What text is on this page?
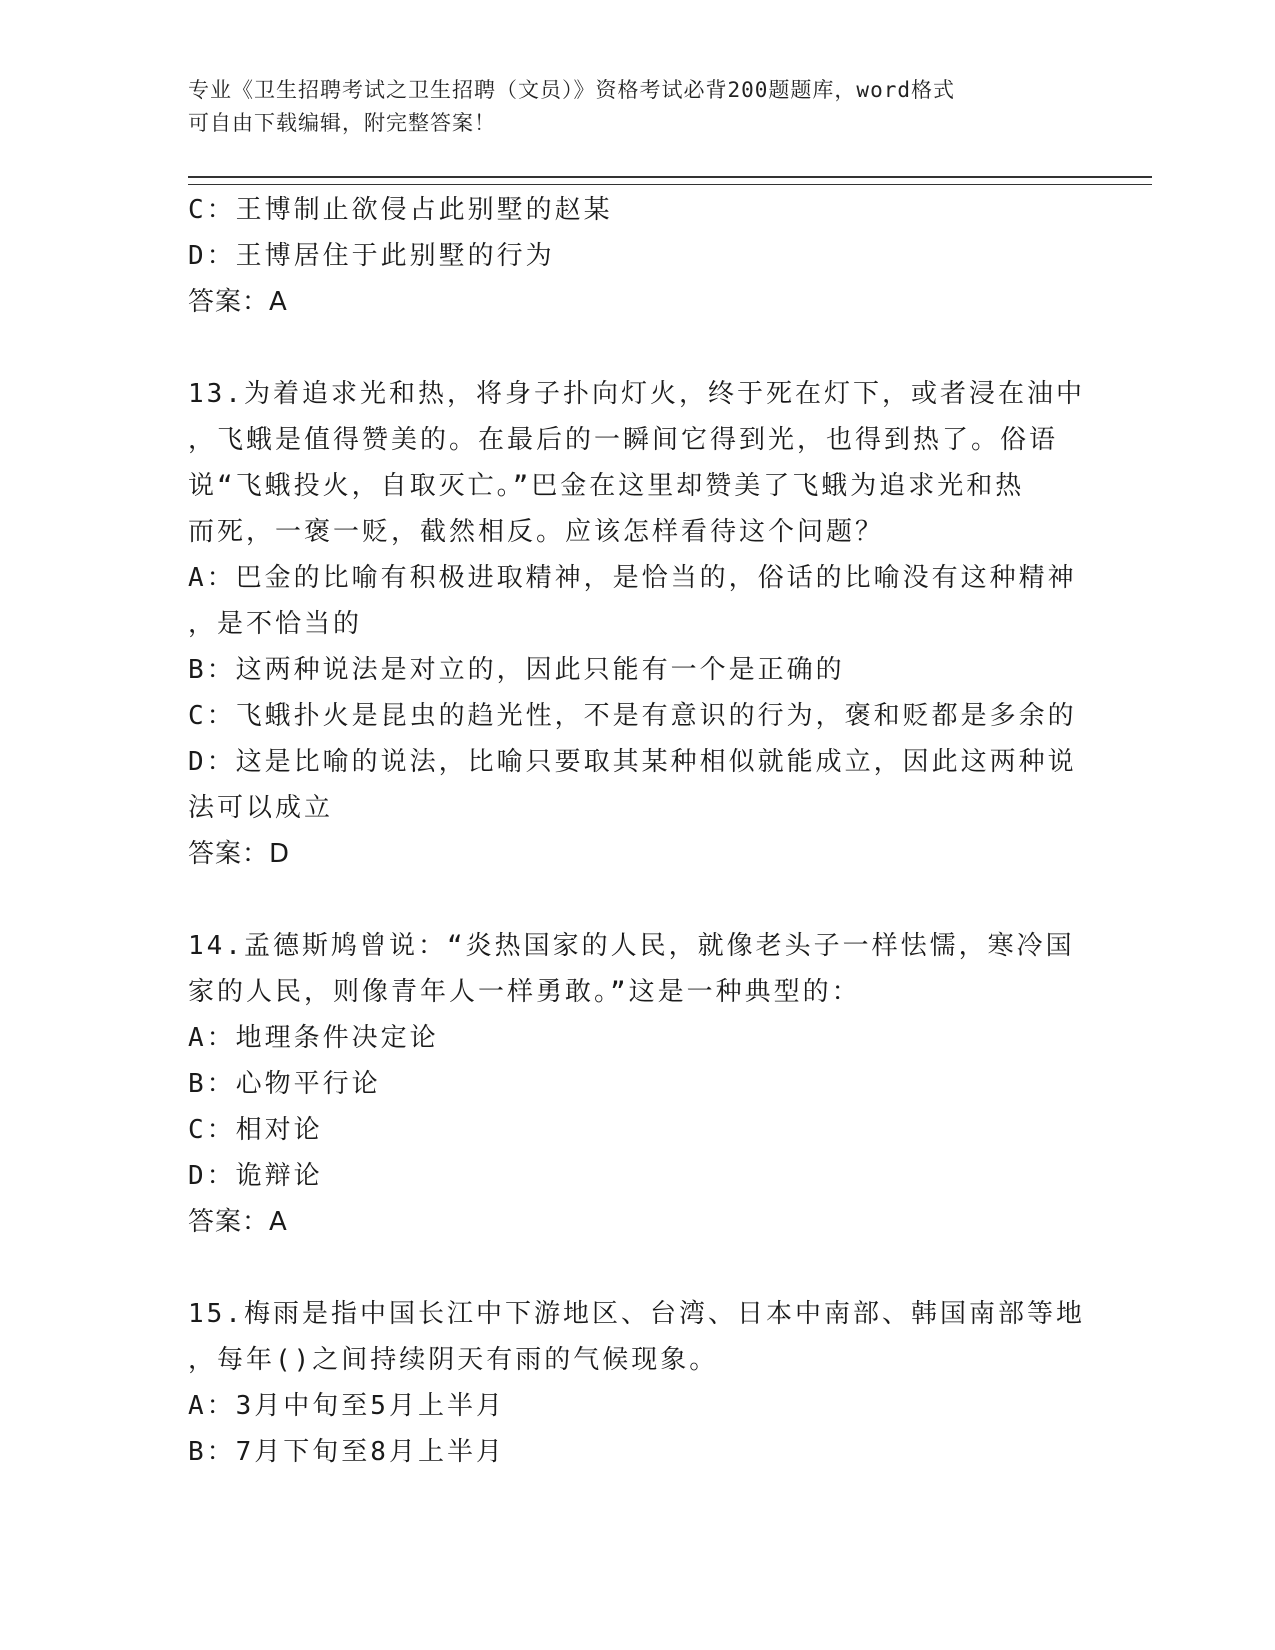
专业《卫生招聘考试之卫生招聘（文员）》资格考试必背200题题库，word格式
可自由下载编辑，附完整答案！
C：王博制止欲侵占此别墅的赵某
D：王博居住于此别墅的行为
答案：A
13.为着追求光和热，将身子扑向灯火，终于死在灯下，或者浸在油中
，飞蛾是值得赞美的。在最后的一瞬间它得到光，也得到热了。俗语
说“飞蛾投火，自取灭亡。”巴金在这里却赞美了飞蛾为追求光和热
而死，一褒一贬，截然相反。应该怎样看待这个问题？
A：巴金的比喻有积极进取精神，是恰当的，俗话的比喻没有这种精神
，是不恰当的
B：这两种说法是对立的，因此只能有一个是正确的
C：飞蛾扑火是昆虫的趋光性，不是有意识的行为，褒和贬都是多余的
D：这是比喻的说法，比喻只要取其某种相似就能成立，因此这两种说
法可以成立
答案：D
14.孟德斯鸠曾说：“炎热国家的人民，就像老头子一样怯懦，寒冷国
家的人民，则像青年人一样勇敢。”这是一种典型的：
A：地理条件决定论
B：心物平行论
C：相对论
D：诡辩论
答案：A
15.梅雨是指中国长江中下游地区、台湾、日本中南部、韩国南部等地
，每年()之间持续阴天有雨的气候现象。
A：3月中旬至5月上半月
B：7月下旬至8月上半月
